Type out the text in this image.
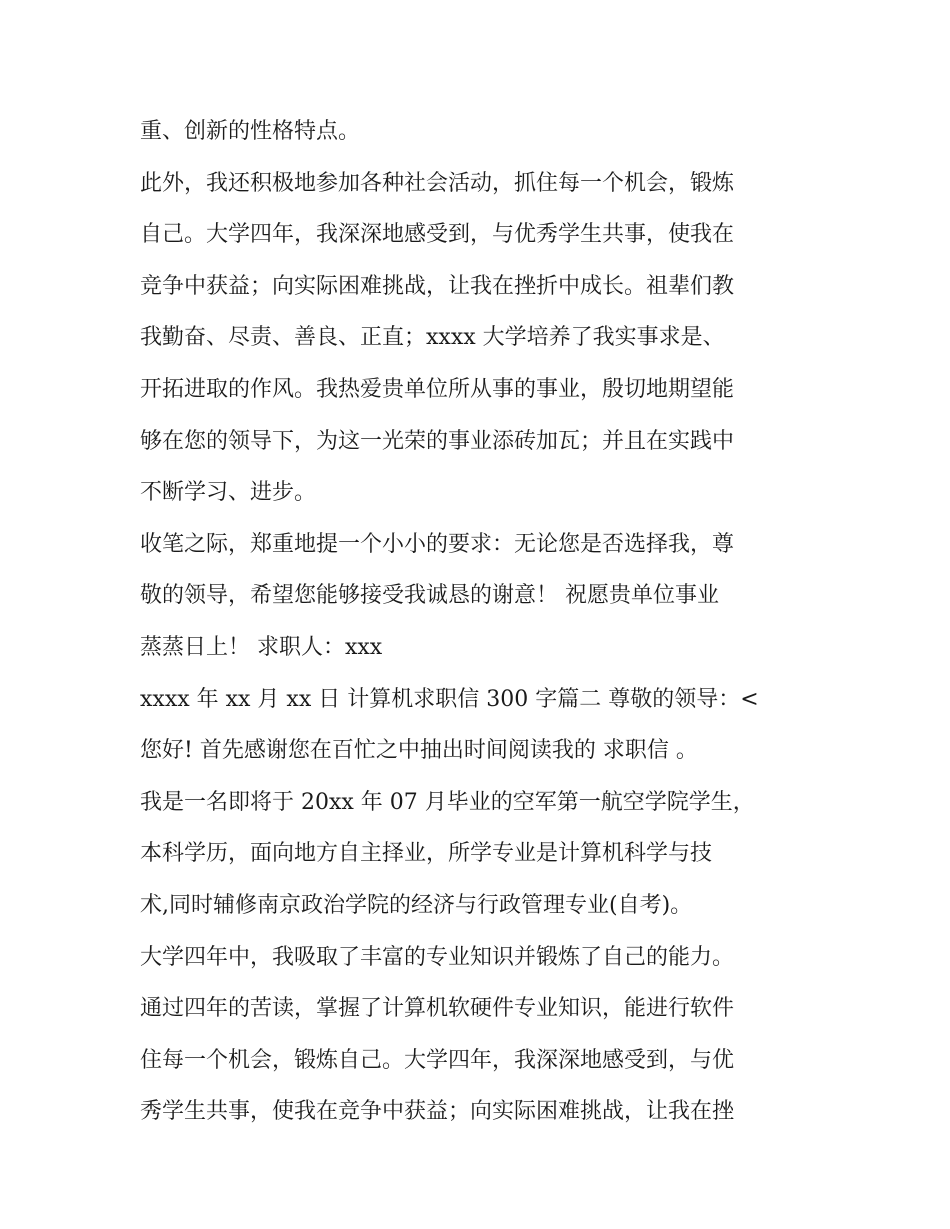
重、创新的性格特点。
此外，我还积极地参加各种社会活动，抓住每一个机会，锻炼
自己。大学四年，我深深地感受到，与优秀学生共事，使我在
竞争中获益；向实际困难挑战，让我在挫折中成长。祖辈们教
我勤奋、尽责、善良、正直；xxxx 大学培养了我实事求是、
开拓进取的作风。我热爱贵单位所从事的事业，殷切地期望能
够在您的领导下，为这一光荣的事业添砖加瓦；并且在实践中
不断学习、进步。
收笔之际，郑重地提一个小小的要求：无论您是否选择我，尊
敬的领导，希望您能够接受我诚恳的谢意！ 祝愿贵单位事业
蒸蒸日上！ 求职人：xxx
xxxx 年 xx 月 xx 日 计算机求职信 300 字篇二 尊敬的领导：<
您好! 首先感谢您在百忙之中抽出时间阅读我的 求职信 。
我是一名即将于 20xx 年 07 月毕业的空军第一航空学院学生，
本科学历，面向地方自主择业，所学专业是计算机科学与技
术,同时辅修南京政治学院的经济与行政管理专业(自考)。
大学四年中，我吸取了丰富的专业知识并锻炼了自己的能力。
通过四年的苦读，掌握了计算机软硬件专业知识，能进行软件
住每一个机会，锻炼自己。大学四年，我深深地感受到，与优
秀学生共事，使我在竞争中获益；向实际困难挑战，让我在挫
